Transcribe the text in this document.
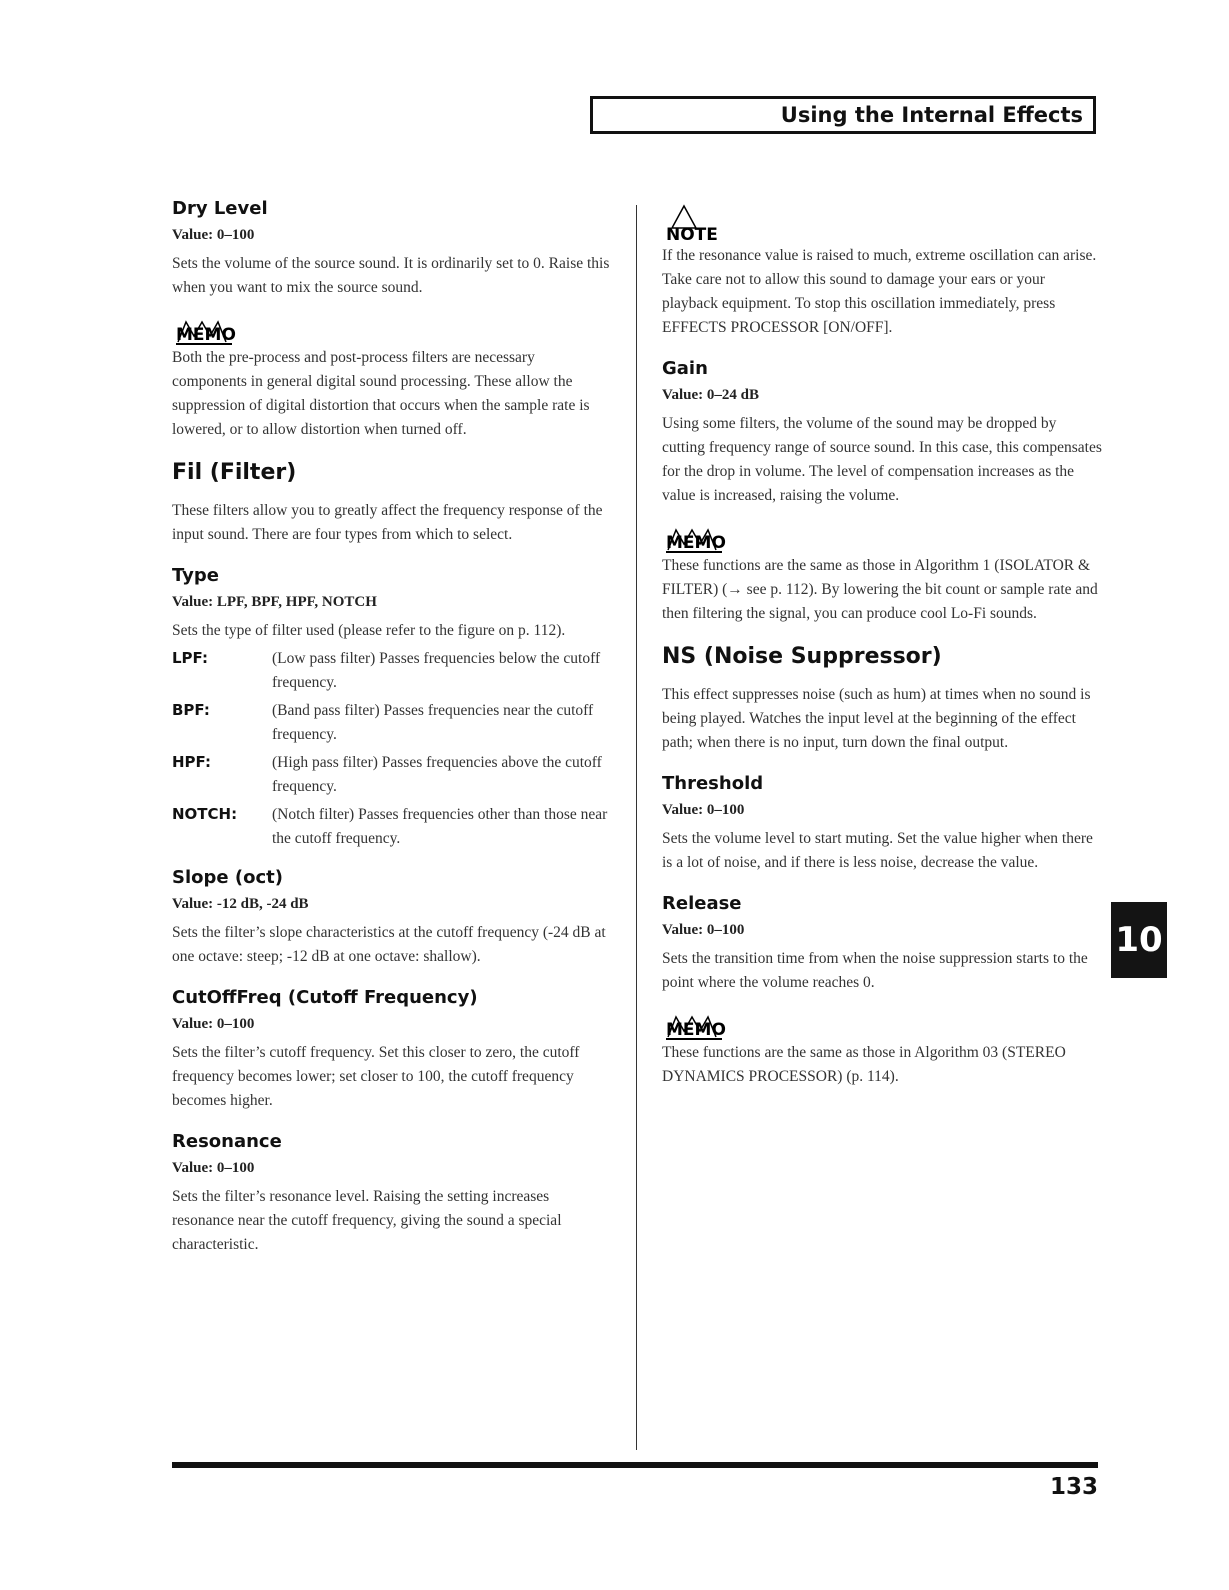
Using the Internal Effects
Dry Level
Value: 0–100
Sets the volume of the source sound. It is ordinarily set to 0. Raise this when you want to mix the source sound.
MEMO
Both the pre-process and post-process filters are necessary components in general digital sound processing. These allow the suppression of digital distortion that occurs when the sample rate is lowered, or to allow distortion when turned off.
Fil (Filter)
These filters allow you to greatly affect the frequency response of the input sound. There are four types from which to select.
Type
Value: LPF, BPF, HPF, NOTCH
Sets the type of filter used (please refer to the figure on p. 112).
LPF:	(Low pass filter) Passes frequencies below the cutoff frequency.
BPF:	(Band pass filter) Passes frequencies near the cutoff frequency.
HPF:	(High pass filter) Passes frequencies above the cutoff frequency.
NOTCH:	(Notch filter) Passes frequencies other than those near the cutoff frequency.
Slope (oct)
Value: -12 dB, -24 dB
Sets the filter’s slope characteristics at the cutoff frequency (-24 dB at one octave: steep; -12 dB at one octave: shallow).
CutOffFreq (Cutoff Frequency)
Value: 0–100
Sets the filter’s cutoff frequency. Set this closer to zero, the cutoff frequency becomes lower; set closer to 100, the cutoff frequency becomes higher.
Resonance
Value: 0–100
Sets the filter’s resonance level. Raising the setting increases resonance near the cutoff frequency, giving the sound a special characteristic.
NOTE
If the resonance value is raised to much, extreme oscillation can arise. Take care not to allow this sound to damage your ears or your playback equipment. To stop this oscillation immediately, press EFFECTS PROCESSOR [ON/OFF].
Gain
Value: 0–24 dB
Using some filters, the volume of the sound may be dropped by cutting frequency range of source sound. In this case, this compensates for the drop in volume. The level of compensation increases as the value is increased, raising the volume.
MEMO
These functions are the same as those in Algorithm 1 (ISOLATOR & FILTER) (→ see p. 112). By lowering the bit count or sample rate and then filtering the signal, you can produce cool Lo-Fi sounds.
NS (Noise Suppressor)
This effect suppresses noise (such as hum) at times when no sound is being played. Watches the input level at the beginning of the effect path; when there is no input, turn down the final output.
Threshold
Value: 0–100
Sets the volume level to start muting. Set the value higher when there is a lot of noise, and if there is less noise, decrease the value.
Release
Value: 0–100
Sets the transition time from when the noise suppression starts to the point where the volume reaches 0.
MEMO
These functions are the same as those in Algorithm 03 (STEREO DYNAMICS PROCESSOR) (p. 114).
10
133
